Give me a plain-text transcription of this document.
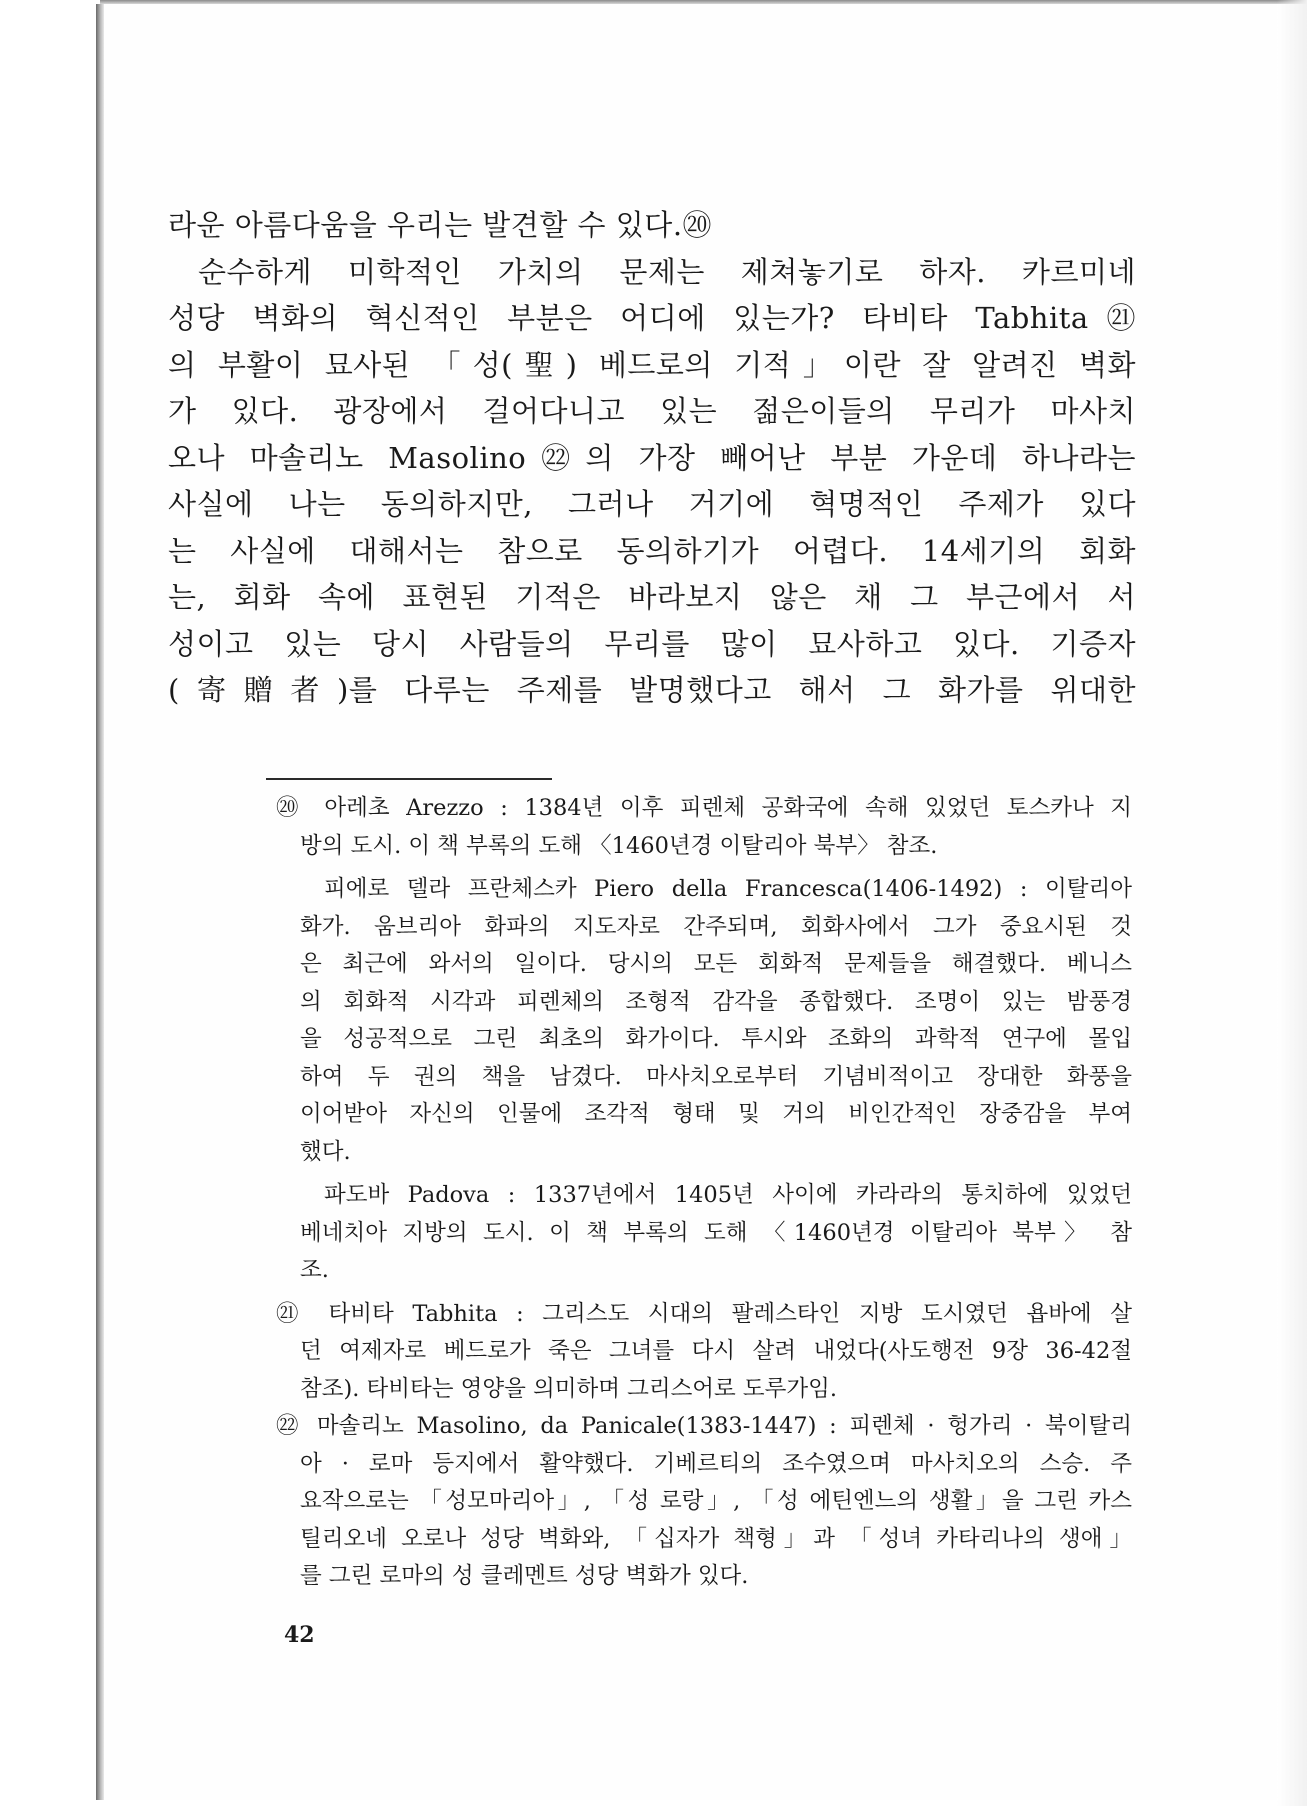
라운 아름다움을 우리는 발견할 수 있다.⑳
순수하게 미학적인 가치의 문제는 제쳐놓기로 하자. 카르미네
성당 벽화의 혁신적인 부분은 어디에 있는가? 타비타 Tabhita㉑
의 부활이 묘사된 「성(聖) 베드로의 기적」이란 잘 알려진 벽화
가 있다. 광장에서 걸어다니고 있는 젊은이들의 무리가 마사치
오나 마솔리노 Masolino㉒의 가장 빼어난 부분 가운데 하나라는
사실에 나는 동의하지만, 그러나 거기에 혁명적인 주제가 있다
는 사실에 대해서는 참으로 동의하기가 어렵다. 14세기의 회화
는, 회화 속에 표현된 기적은 바라보지 않은 채 그 부근에서 서
성이고 있는 당시 사람들의 무리를 많이 묘사하고 있다. 기증자
(寄贈者)를 다루는 주제를 발명했다고 해서 그 화가를 위대한
⑳ 아레초 Arezzo : 1384년 이후 피렌체 공화국에 속해 있었던 토스카나 지
방의 도시. 이 책 부록의 도해 〈1460년경 이탈리아 북부〉 참조.
피에로 델라 프란체스카 Piero della Francesca(1406-1492) : 이탈리아
화가. 움브리아 화파의 지도자로 간주되며, 회화사에서 그가 중요시된 것
은 최근에 와서의 일이다. 당시의 모든 회화적 문제들을 해결했다. 베니스
의 회화적 시각과 피렌체의 조형적 감각을 종합했다. 조명이 있는 밤풍경
을 성공적으로 그린 최초의 화가이다. 투시와 조화의 과학적 연구에 몰입
하여 두 권의 책을 남겼다. 마사치오로부터 기념비적이고 장대한 화풍을
이어받아 자신의 인물에 조각적 형태 및 거의 비인간적인 장중감을 부여
했다.
파도바 Padova : 1337년에서 1405년 사이에 카라라의 통치하에 있었던
베네치아 지방의 도시. 이 책 부록의 도해 〈1460년경 이탈리아 북부〉 참
조.
㉑ 타비타 Tabhita : 그리스도 시대의 팔레스타인 지방 도시였던 욥바에 살
던 여제자로 베드로가 죽은 그녀를 다시 살려 내었다(사도행전 9장 36-42절
참조). 타비타는 영양을 의미하며 그리스어로 도루가임.
㉒ 마솔리노 Masolino, da Panicale(1383-1447) : 피렌체 · 헝가리 · 북이탈리
아 · 로마 등지에서 활약했다. 기베르티의 조수였으며 마사치오의 스승. 주
요작으로는 「성모마리아」, 「성 로랑」, 「성 에틴엔느의 생활」을 그린 카스
틸리오네 오로나 성당 벽화와, 「십자가 책형」과 「성녀 카타리나의 생애」
를 그린 로마의 성 클레멘트 성당 벽화가 있다.
42
